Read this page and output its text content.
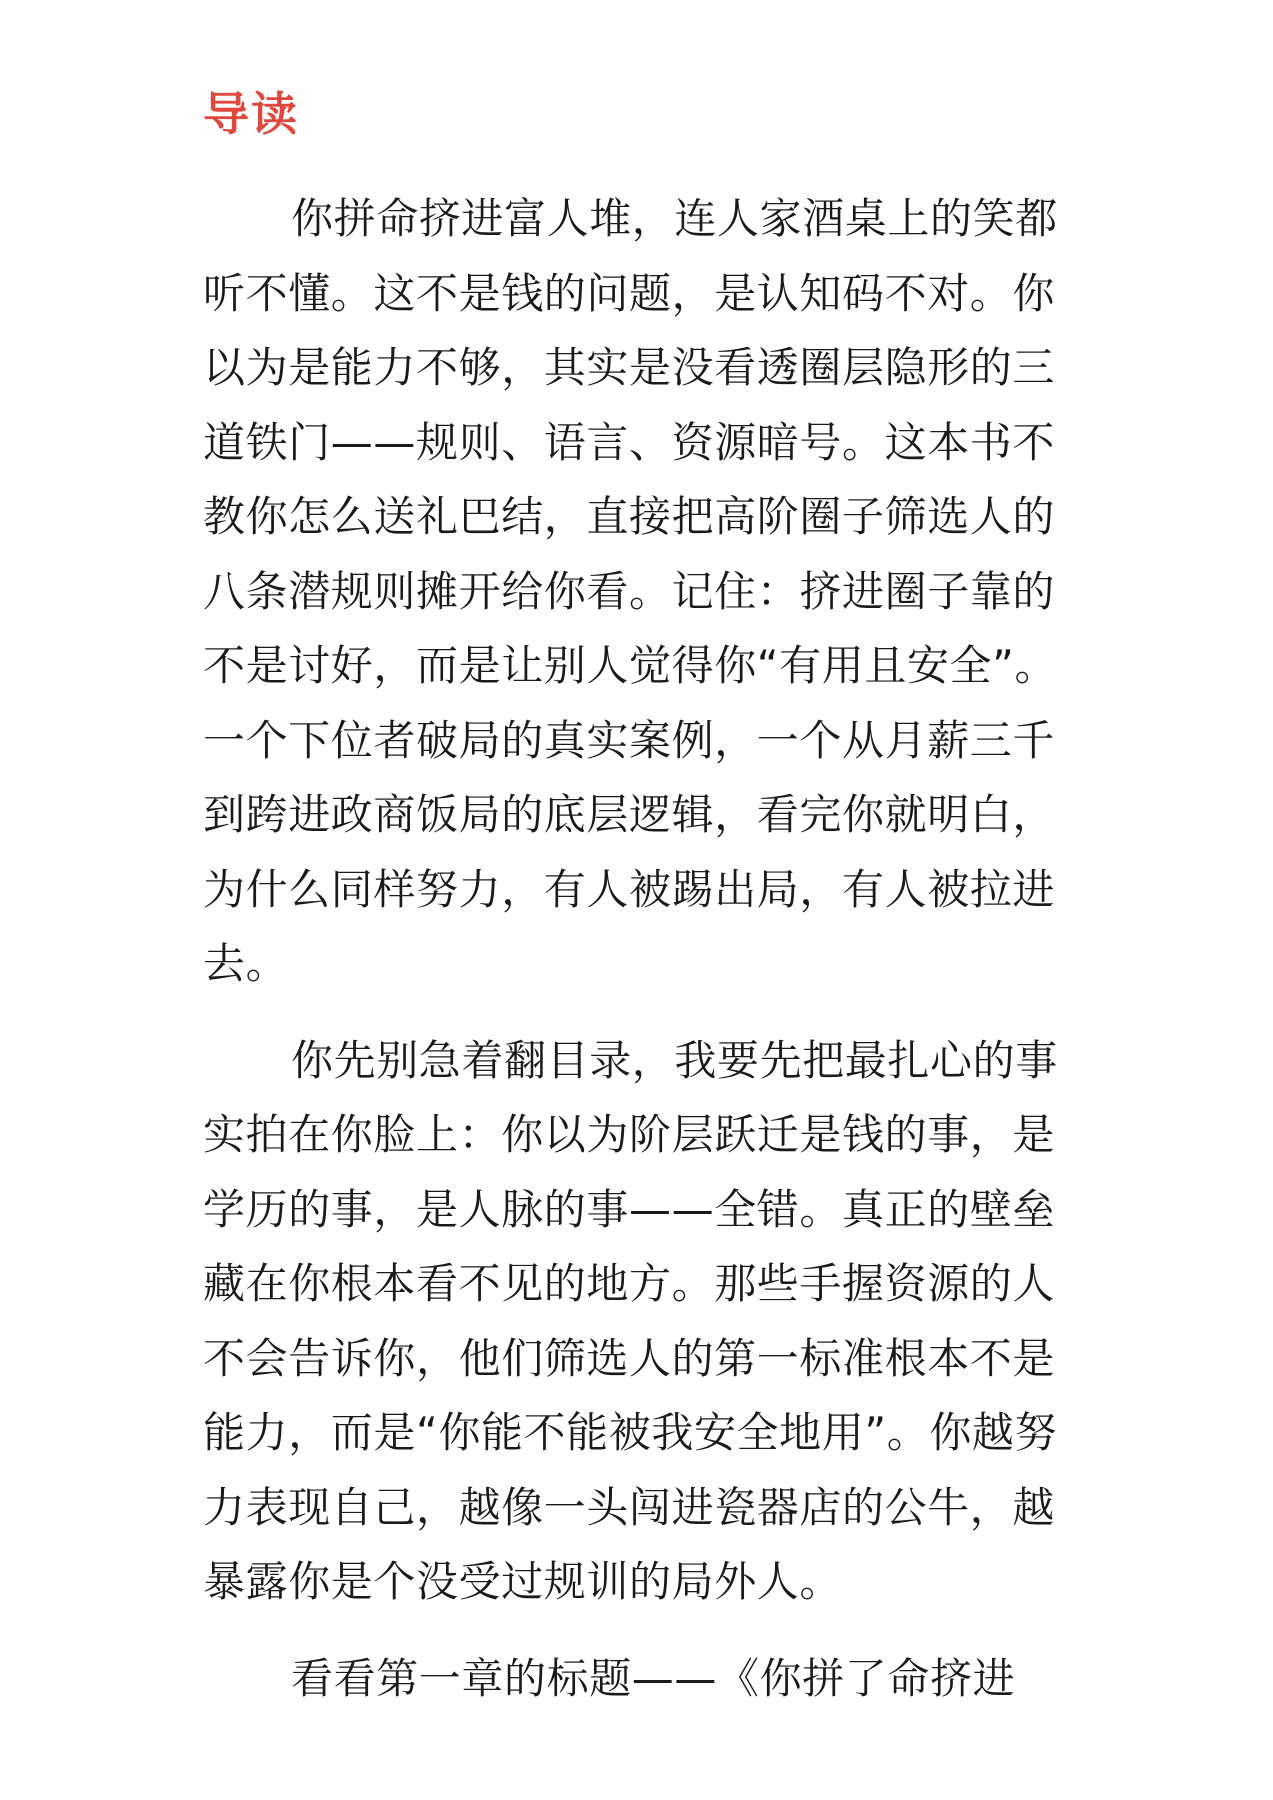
导读

你拼命挤进富人堆，连人家酒桌上的笑都听不懂。这不是钱的问题，是认知码不对。你以为是能力不够，其实是没看透圈层隐形的三道铁门——规则、语言、资源暗号。这本书不教你怎么送礼巴结，直接把高阶圈子筛选人的八条潜规则摊开给你看。记住：挤进圈子靠的不是讨好，而是让别人觉得你“有用且安全”。一个下位者破局的真实案例，一个从月薪三千到跨进政商饭局的底层逻辑，看完你就明白，为什么同样努力，有人被踢出局，有人被拉进去。

你先别急着翻目录，我要先把最扎心的事实拍在你脸上：你以为阶层跃迁是钱的事，是学历的事，是人脉的事——全错。真正的壁垒藏在你根本看不见的地方。那些手握资源的人不会告诉你，他们筛选人的第一标准根本不是能力，而是“你能不能被我安全地用”。你越努力表现自己，越像一头闯进瓷器店的公牛，越暴露你是个没受过规训的局外人。

看看第一章的标题——《你拼了命挤进
